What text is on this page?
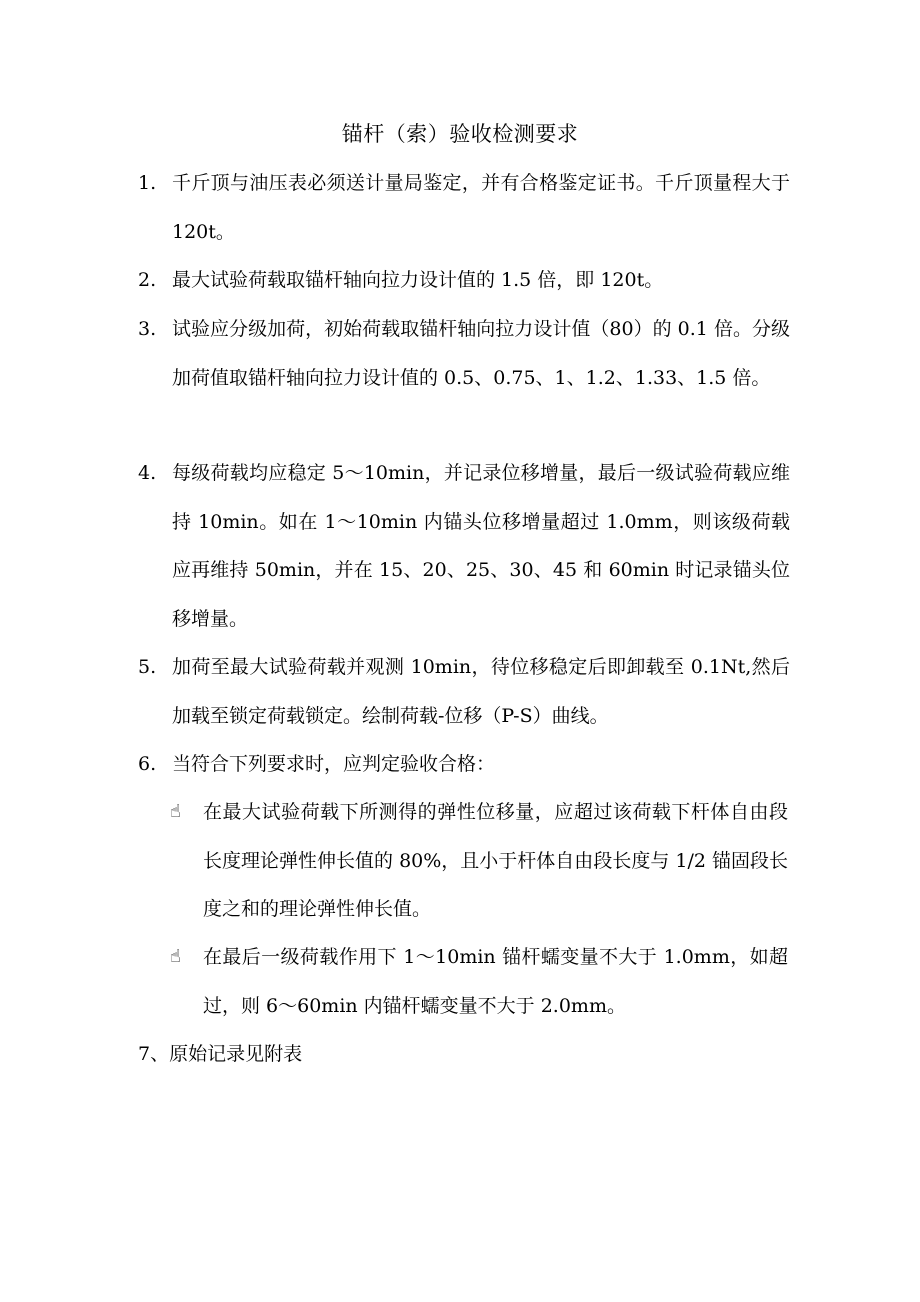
锚杆（索）验收检测要求
1. 千斤顶与油压表必须送计量局鉴定，并有合格鉴定证书。千斤顶量程大于 120t。
2. 最大试验荷载取锚杆轴向拉力设计值的 1.5 倍，即 120t。
3. 试验应分级加荷，初始荷载取锚杆轴向拉力设计值（80）的 0.1 倍。分级加荷值取锚杆轴向拉力设计值的 0.5、0.75、1、1.2、1.33、1.5 倍。
4. 每级荷载均应稳定 5～10min，并记录位移增量，最后一级试验荷载应维持 10min。如在 1～10min 内锚头位移增量超过 1.0mm，则该级荷载应再维持 50min，并在 15、20、25、30、45 和 60min 时记录锚头位移增量。
5. 加荷至最大试验荷载并观测 10min，待位移稳定后即卸载至 0.1Nt,然后加载至锁定荷载锁定。绘制荷载-位移（P-S）曲线。
6. 当符合下列要求时，应判定验收合格：
☝ 在最大试验荷载下所测得的弹性位移量，应超过该荷载下杆体自由段长度理论弹性伸长值的 80%，且小于杆体自由段长度与 1/2 锚固段长度之和的理论弹性伸长值。
☝ 在最后一级荷载作用下 1～10min 锚杆蠕变量不大于 1.0mm，如超过，则 6～60min 内锚杆蠕变量不大于 2.0mm。
7、原始记录见附表
